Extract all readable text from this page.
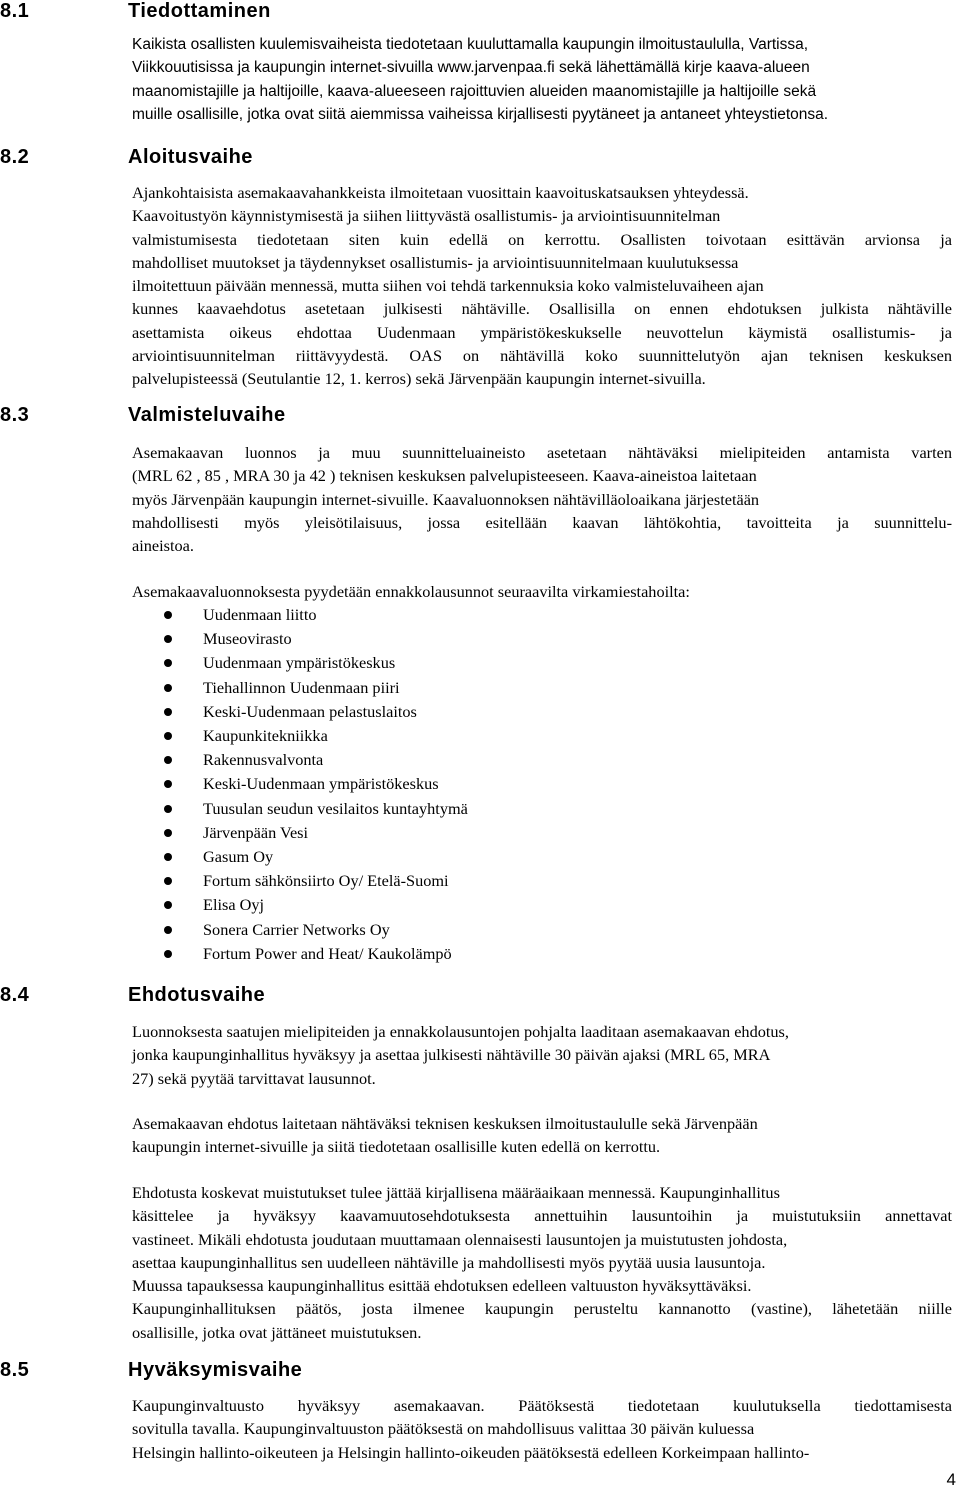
8.1	Tiedottaminen
Kaikista osallisten kuulemisvaiheista tiedotetaan kuuluttamalla kaupungin ilmoitustaululla, Vartissa,
Viikkouutisissa ja kaupungin internet-sivuilla www.jarvenpaa.fi sekä lähettämällä kirje kaava-alueen
maanomistajille ja haltijoille, kaava-alueeseen rajoittuvien alueiden maanomistajille ja haltijoille sekä
muille osallisille, jotka ovat siitä aiemmissa vaiheissa kirjallisesti pyytäneet ja antaneet yhteystietonsa.
8.2	Aloitusvaihe
Ajankohtaisista asemakaavahankkeista ilmoitetaan vuosittain kaavoituskatsauksen yhteydessä.
Kaavoitustyön käynnistymisestä ja siihen liittyvästä osallistumis- ja arviointisuunnitelman
valmistumisesta tiedotetaan siten kuin edellä on kerrottu. Osallisten toivotaan esittävän arvionsa ja
mahdolliset muutokset ja täydennykset osallistumis- ja arviointisuunnitelmaan kuulutuksessa
ilmoitettuun päivään mennessä, mutta siihen voi tehdä tarkennuksia koko valmisteluvaiheen ajan
kunnes kaavaehdotus asetetaan julkisesti nähtäville. Osallisilla on ennen ehdotuksen julkista nähtäville
asettamista oikeus ehdottaa Uudenmaan ympäristökeskukselle neuvottelun käymistä osallistumis- ja
arviointisuunnitelman riittävyydestä. OAS on nähtävillä koko suunnittelutyön ajan teknisen keskuksen
palvelupisteessä (Seutulantie 12, 1. kerros) sekä Järvenpään kaupungin internet-sivuilla.
8.3	Valmisteluvaihe
Asemakaavan luonnos ja muu suunnitteluaineisto asetetaan nähtäväksi mielipiteiden antamista varten
(MRL 62 , 85 , MRA 30 ja 42 ) teknisen keskuksen palvelupisteeseen. Kaava-aineistoa laitetaan
myös Järvenpään kaupungin internet-sivuille. Kaavaluonnoksen nähtävilläoloaikana järjestetään
mahdollisesti myös yleisötilaisuus, jossa esitellään kaavan lähtökohtia, tavoitteita ja suunnittelu-
aineistoa.
Asemakaavaluonnoksesta pyydetään ennakkolausunnot seuraavilta virkamiestahoilta:
Uudenmaan liitto
Museovirasto
Uudenmaan ympäristökeskus
Tiehallinnon Uudenmaan piiri
Keski-Uudenmaan pelastuslaitos
Kaupunkitekniikka
Rakennusvalvonta
Keski-Uudenmaan ympäristökeskus
Tuusulan seudun vesilaitos kuntayhtymä
Järvenpään Vesi
Gasum Oy
Fortum sähkönsiirto Oy/ Etelä-Suomi
Elisa Oyj
Sonera Carrier Networks Oy
Fortum Power and Heat/ Kaukolämpö
8.4	Ehdotusvaihe
Luonnoksesta saatujen mielipiteiden ja ennakkolausuntojen pohjalta laaditaan asemakaavan ehdotus,
jonka kaupunginhallitus hyväksyy ja asettaa julkisesti nähtäville 30 päivän ajaksi (MRL 65, MRA
27) sekä pyytää tarvittavat lausunnot.
Asemakaavan ehdotus laitetaan nähtäväksi teknisen keskuksen ilmoitustaululle sekä Järvenpään
kaupungin internet-sivuille ja siitä tiedotetaan osallisille kuten edellä on kerrottu.
Ehdotusta koskevat muistutukset tulee jättää kirjallisena määräaikaan mennessä. Kaupunginhallitus
käsittelee ja hyväksyy kaavamuutosehdotuksesta annettuihin lausuntoihin ja muistutuksiin annettavat
vastineet. Mikäli ehdotusta joudutaan muuttamaan olennaisesti lausuntojen ja muistutusten johdosta,
asettaa kaupunginhallitus sen uudelleen nähtäville ja mahdollisesti myös pyytää uusia lausuntoja.
Muussa tapauksessa kaupunginhallitus esittää ehdotuksen edelleen valtuuston hyväksyttäväksi.
Kaupunginhallituksen päätös, josta ilmenee kaupungin perusteltu kannanotto (vastine), lähetetään niille
osallisille, jotka ovat jättäneet muistutuksen.
8.5	Hyväksymisvaihe
Kaupunginvaltuusto hyväksyy asemakaavan. Päätöksestä tiedotetaan kuulutuksella tiedottamisesta
sovitulla tavalla. Kaupunginvaltuuston päätöksestä on mahdollisuus valittaa 30 päivän kuluessa
Helsingin hallinto-oikeuteen ja Helsingin hallinto-oikeuden päätöksestä edelleen Korkeimpaan hallinto-
4
